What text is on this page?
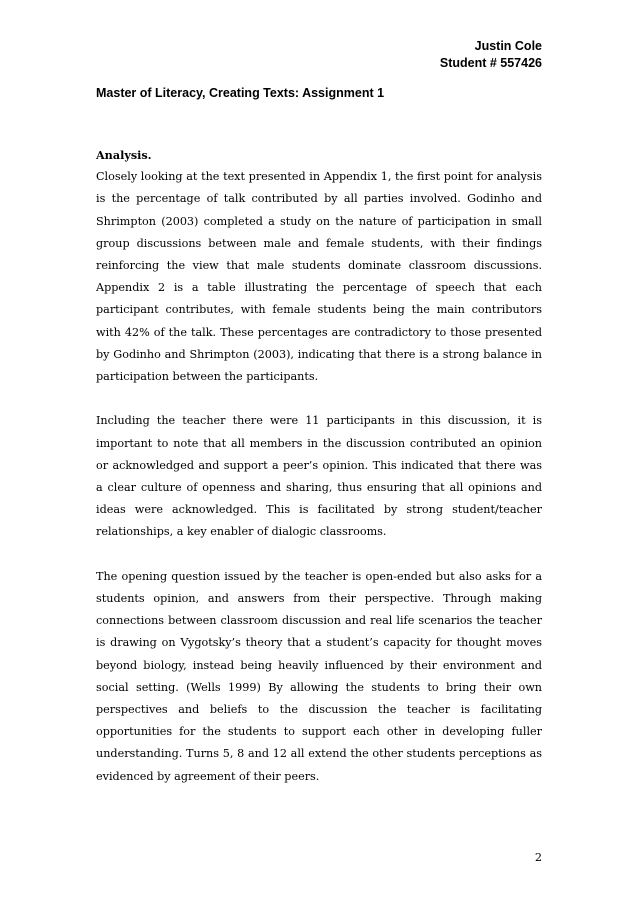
Justin Cole
Student # 557426
Master of Literacy, Creating Texts: Assignment 1

Analysis.

Closely looking at the text presented in Appendix 1, the first point for analysis is the percentage of talk contributed by all parties involved. Godinho and Shrimpton (2003) completed a study on the nature of participation in small group discussions between male and female students, with their findings reinforcing the view that male students dominate classroom discussions. Appendix 2 is a table illustrating the percentage of speech that each participant contributes, with female students being the main contributors with 42% of the talk. These percentages are contradictory to those presented by Godinho and Shrimpton (2003), indicating that there is a strong balance in participation between the participants.

Including the teacher there were 11 participants in this discussion, it is important to note that all members in the discussion contributed an opinion or acknowledged and support a peer’s opinion. This indicated that there was a clear culture of openness and sharing, thus ensuring that all opinions and ideas were acknowledged. This is facilitated by strong student/teacher relationships, a key enabler of dialogic classrooms.

The opening question issued by the teacher is open-ended but also asks for a students opinion, and answers from their perspective. Through making connections between classroom discussion and real life scenarios the teacher is drawing on Vygotsky’s theory that a student’s capacity for thought moves beyond biology, instead being heavily influenced by their environment and social setting. (Wells 1999) By allowing the students to bring their own perspectives and beliefs to the discussion the teacher is facilitating opportunities for the students to support each other in developing fuller understanding. Turns 5, 8 and 12 all extend the other students perceptions as evidenced by agreement of their peers.

2
